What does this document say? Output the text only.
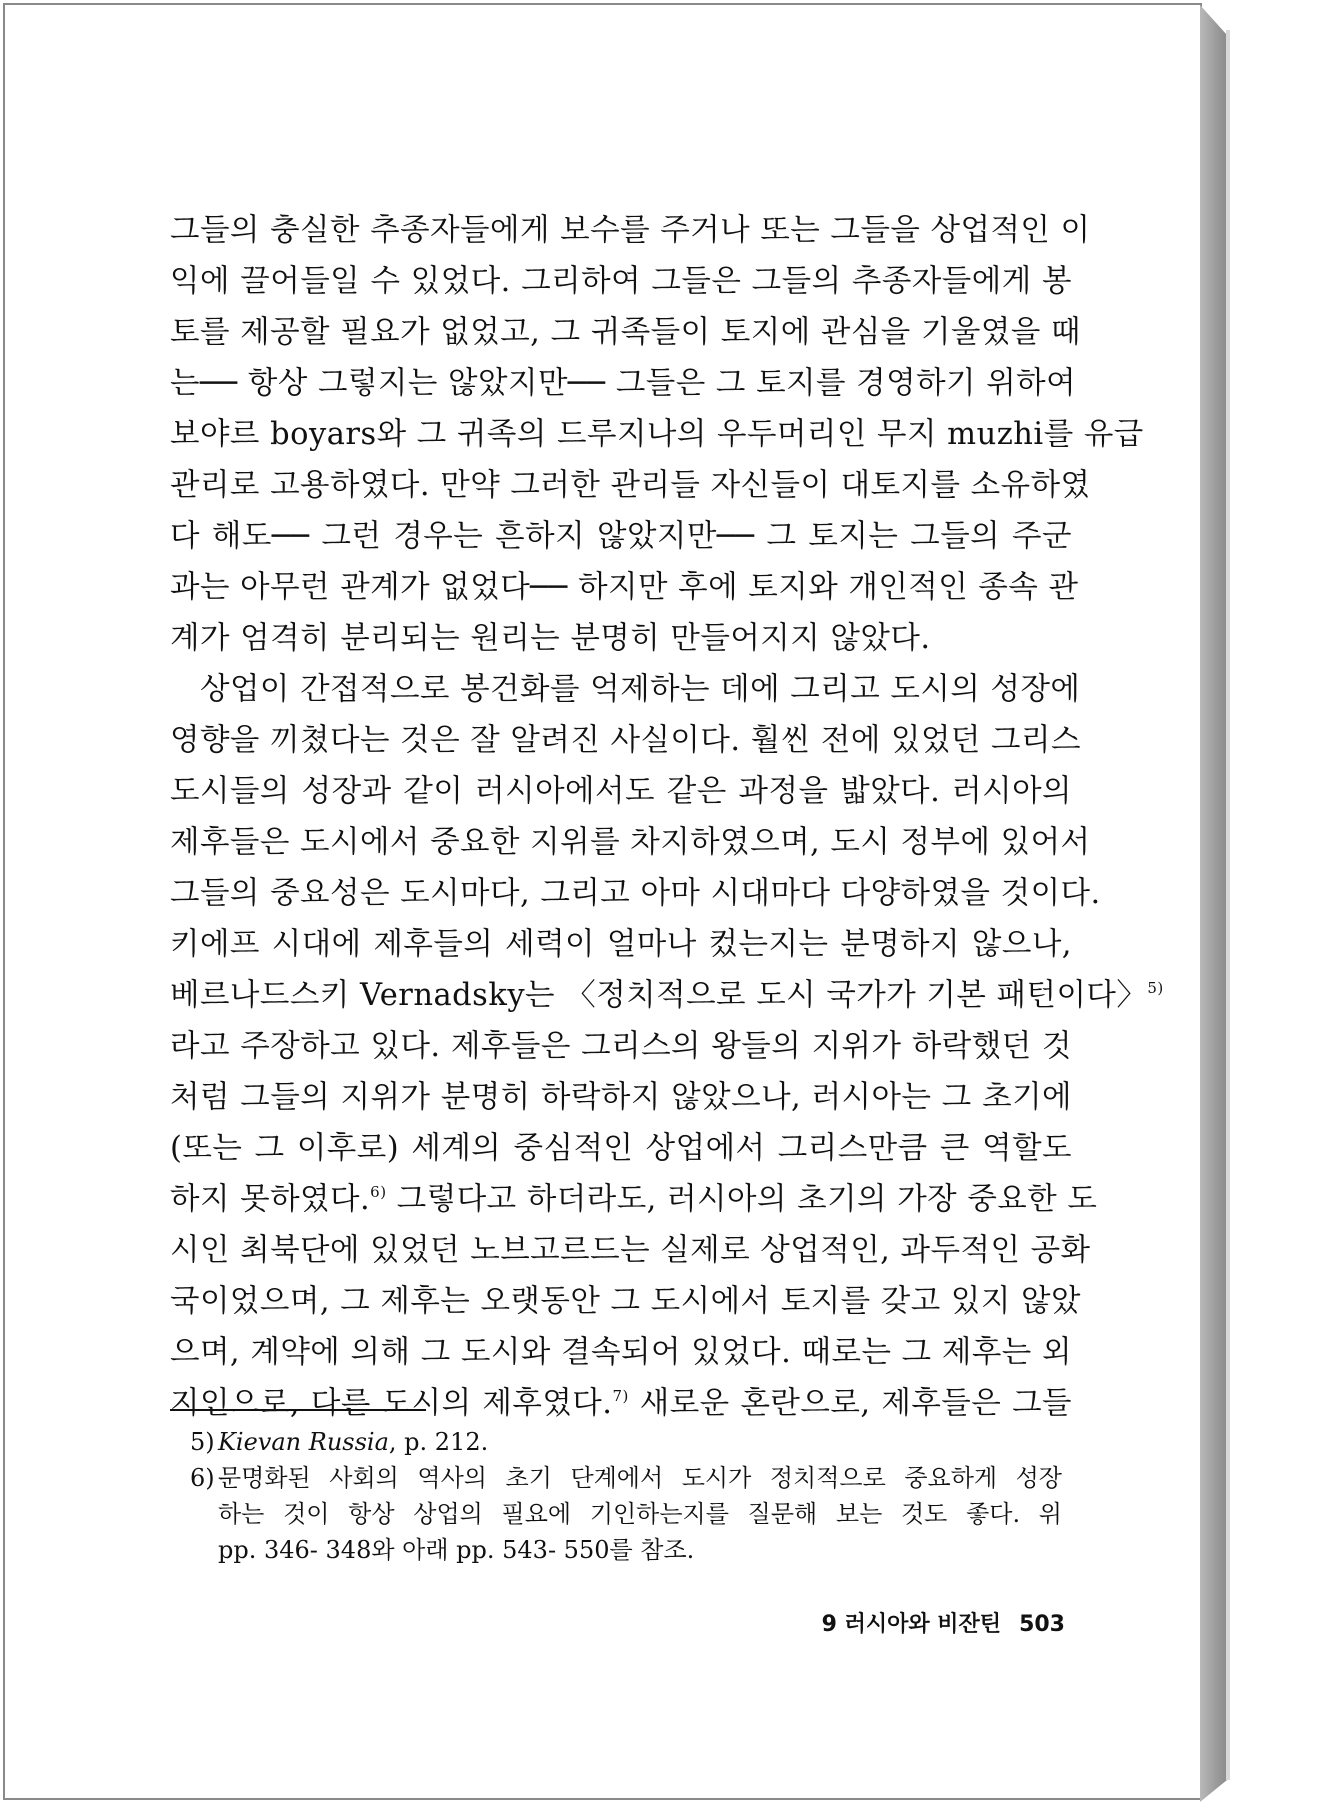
그들의 충실한 추종자들에게 보수를 주거나 또는 그들을 상업적인 이
익에 끌어들일 수 있었다. 그리하여 그들은 그들의 추종자들에게 봉
토를 제공할 필요가 없었고, 그 귀족들이 토지에 관심을 기울였을 때
는── 항상 그렇지는 않았지만── 그들은 그 토지를 경영하기 위하여
보야르 boyars와 그 귀족의 드루지나의 우두머리인 무지 muzhi를 유급
관리로 고용하였다. 만약 그러한 관리들 자신들이 대토지를 소유하였
다 해도── 그런 경우는 흔하지 않았지만── 그 토지는 그들의 주군
과는 아무런 관계가 없었다── 하지만 후에 토지와 개인적인 종속 관
계가 엄격히 분리되는 원리는 분명히 만들어지지 않았다.
상업이 간접적으로 봉건화를 억제하는 데에 그리고 도시의 성장에
영향을 끼쳤다는 것은 잘 알려진 사실이다. 훨씬 전에 있었던 그리스
도시들의 성장과 같이 러시아에서도 같은 과정을 밟았다. 러시아의
제후들은 도시에서 중요한 지위를 차지하였으며, 도시 정부에 있어서
그들의 중요성은 도시마다, 그리고 아마 시대마다 다양하였을 것이다.
키에프 시대에 제후들의 세력이 얼마나 컸는지는 분명하지 않으나,
베르나드스키 Vernadsky는 〈정치적으로 도시 국가가 기본 패턴이다〉$^{5)}$
라고 주장하고 있다. 제후들은 그리스의 왕들의 지위가 하락했던 것
처럼 그들의 지위가 분명히 하락하지 않았으나, 러시아는 그 초기에
(또는 그 이후로) 세계의 중심적인 상업에서 그리스만큼 큰 역할도
하지 못하였다.$^{6)}$ 그렇다고 하더라도, 러시아의 초기의 가장 중요한 도
시인 최북단에 있었던 노브고르드는 실제로 상업적인, 과두적인 공화
국이었으며, 그 제후는 오랫동안 그 도시에서 토지를 갖고 있지 않았
으며, 계약에 의해 그 도시와 결속되어 있었다. 때로는 그 제후는 외
지인으로, 다른 도시의 제후였다.$^{7)}$ 새로운 혼란으로, 제후들은 그들
5) Kievan Russia, p. 212.
6) 문명화된 사회의 역사의 초기 단계에서 도시가 정치적으로 중요하게 성장
하는 것이 항상 상업의 필요에 기인하는지를 질문해 보는 것도 좋다. 위
pp. 346- 348와 아래 pp. 543- 550를 참조.
9 러시아와 비잔틴 503
